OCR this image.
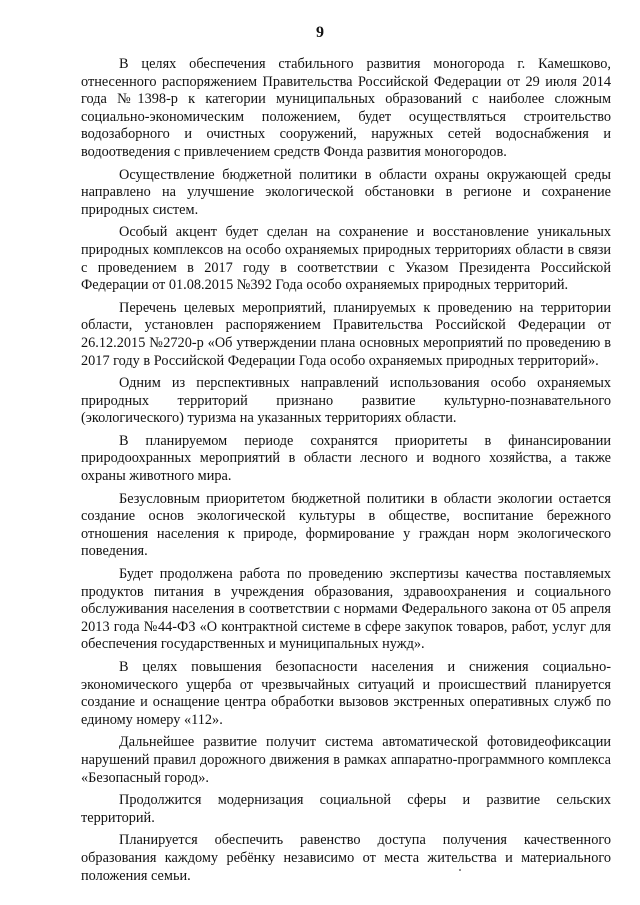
9

В целях обеспечения стабильного развития моногорода г. Камешково, отнесенного распоряжением Правительства Российской Федерации от 29 июля 2014 года №1398-р к категории муниципальных образований с наиболее сложным социально-экономическим положением, будет осуществляться строительство водозаборного и очистных сооружений, наружных сетей водоснабжения и водоотведения с привлечением средств Фонда развития моногородов.

Осуществление бюджетной политики в области охраны окружающей среды направлено на улучшение экологической обстановки в регионе и сохранение природных систем.

Особый акцент будет сделан на сохранение и восстановление уникальных природных комплексов на особо охраняемых природных территориях области в связи с проведением в 2017 году в соответствии с Указом Президента Российской Федерации от 01.08.2015 №392 Года особо охраняемых природных территорий.

Перечень целевых мероприятий, планируемых к проведению на территории области, установлен распоряжением Правительства Российской Федерации от 26.12.2015 №2720-р «Об утверждении плана основных мероприятий по проведению в 2017 году в Российской Федерации Года особо охраняемых природных территорий».

Одним из перспективных направлений использования особо охраняемых природных территорий признано развитие культурно-познавательного (экологического) туризма на указанных территориях области.

В планируемом периоде сохранятся приоритеты в финансировании природоохранных мероприятий в области лесного и водного хозяйства, а также охраны животного мира.

Безусловным приоритетом бюджетной политики в области экологии остается создание основ экологической культуры в обществе, воспитание бережного отношения населения к природе, формирование у граждан норм экологического поведения.

Будет продолжена работа по проведению экспертизы качества поставляемых продуктов питания в учреждения образования, здравоохранения и социального обслуживания населения в соответствии с нормами Федерального закона от 05 апреля 2013 года №44-ФЗ «О контрактной системе в сфере закупок товаров, работ, услуг для обеспечения государственных и муниципальных нужд».

В целях повышения безопасности населения и снижения социально-экономического ущерба от чрезвычайных ситуаций и происшествий планируется создание и оснащение центра обработки вызовов экстренных оперативных служб по единому номеру «112».

Дальнейшее развитие получит система автоматической фотовидеофиксации нарушений правил дорожного движения в рамках аппаратно-программного комплекса «Безопасный город».

Продолжится модернизация социальной сферы и развитие сельских территорий.

Планируется обеспечить равенство доступа получения качественного образования каждому ребёнку независимо от места жительства и материального положения семьи.
